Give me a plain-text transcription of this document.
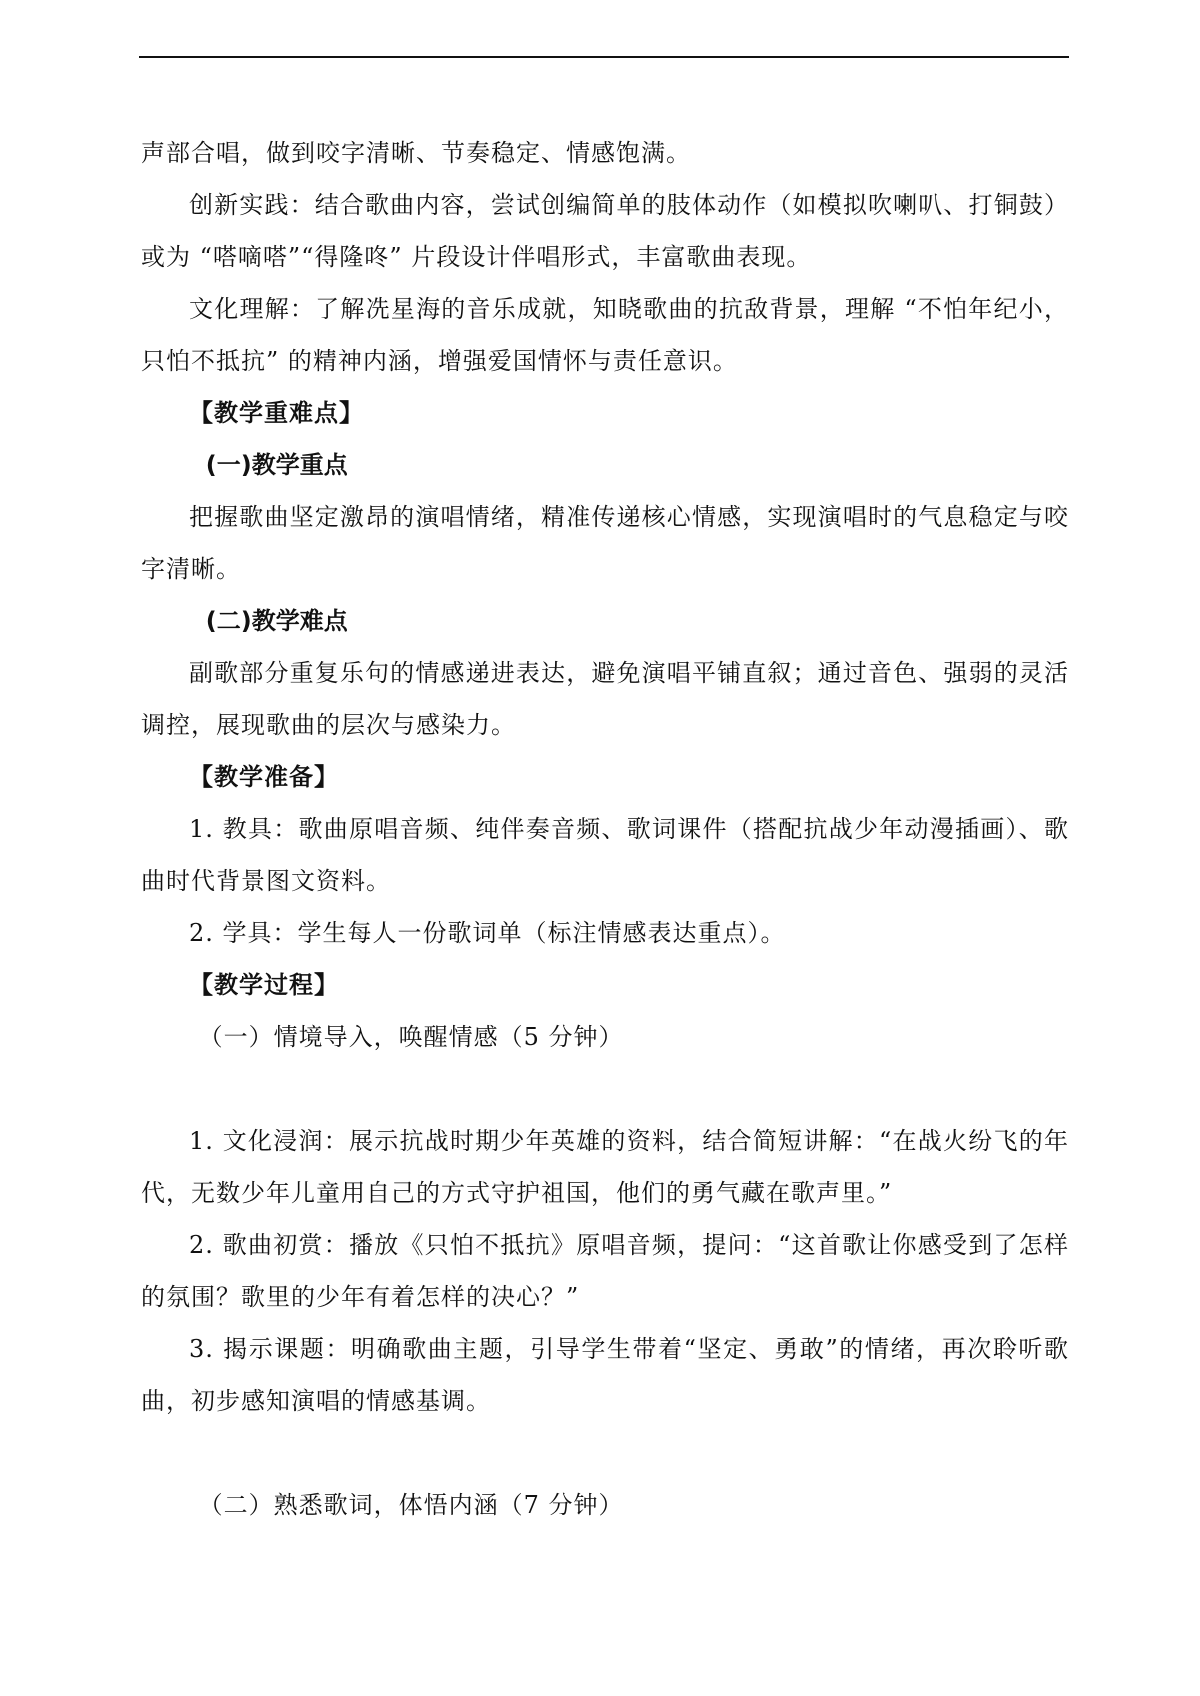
声部合唱，做到咬字清晰、节奏稳定、情感饱满。

创新实践：结合歌曲内容，尝试创编简单的肢体动作（如模拟吹喇叭、打铜鼓）或为 “嗒嘀嗒”“得隆咚” 片段设计伴唱形式，丰富歌曲表现。

文化理解：了解冼星海的音乐成就，知晓歌曲的抗敌背景，理解 “不怕年纪小，只怕不抵抗” 的精神内涵，增强爱国情怀与责任意识。

【教学重难点】

(一)教学重点

把握歌曲坚定激昂的演唱情绪，精准传递核心情感，实现演唱时的气息稳定与咬字清晰。

(二)教学难点

副歌部分重复乐句的情感递进表达，避免演唱平铺直叙；通过音色、强弱的灵活调控，展现歌曲的层次与感染力。

【教学准备】

1. 教具：歌曲原唱音频、纯伴奏音频、歌词课件（搭配抗战少年动漫插画）、歌曲时代背景图文资料。

2. 学具：学生每人一份歌词单（标注情感表达重点）。

【教学过程】

（一）情境导入，唤醒情感（5 分钟）

1. 文化浸润：展示抗战时期少年英雄的资料，结合简短讲解：“在战火纷飞的年代，无数少年儿童用自己的方式守护祖国，他们的勇气藏在歌声里。”

2. 歌曲初赏：播放《只怕不抵抗》原唱音频，提问：“这首歌让你感受到了怎样的氛围？歌里的少年有着怎样的决心？”

3. 揭示课题：明确歌曲主题，引导学生带着“坚定、勇敢”的情绪，再次聆听歌曲，初步感知演唱的情感基调。

（二）熟悉歌词，体悟内涵（7 分钟）
